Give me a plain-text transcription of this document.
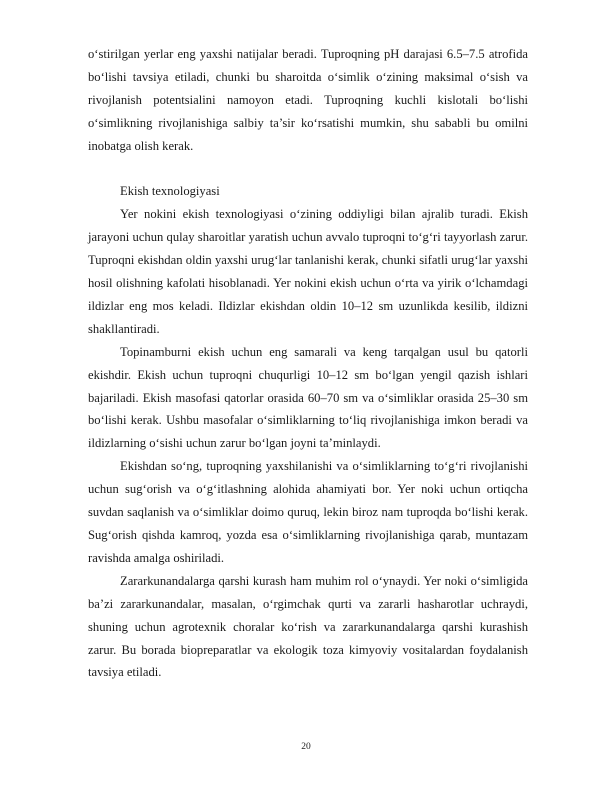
o‘stirilgan yerlar eng yaxshi natijalar beradi. Tuproqning pH darajasi 6.5–7.5 atrofida bo‘lishi tavsiya etiladi, chunki bu sharoitda o‘simlik o‘zining maksimal o‘sish va rivojlanish potentsialini namoyon etadi. Tuproqning kuchli kislotali bo‘lishi o‘simlikning rivojlanishiga salbiy ta’sir ko‘rsatishi mumkin, shu sababli bu omilni inobatga olish kerak.

Ekish texnologiyasi

Yer nokini ekish texnologiyasi o‘zining oddiyligi bilan ajralib turadi. Ekish jarayoni uchun qulay sharoitlar yaratish uchun avvalo tuproqni to‘g‘ri tayyorlash zarur. Tuproqni ekishdan oldin yaxshi urug‘lar tanlanishi kerak, chunki sifatli urug‘lar yaxshi hosil olishning kafolati hisoblanadi. Yer nokini ekish uchun o‘rta va yirik o‘lchamdagi ildizlar eng mos keladi. Ildizlar ekishdan oldin 10–12 sm uzunlikda kesilib, ildizni shakllantiradi.

Topinamburni ekish uchun eng samarali va keng tarqalgan usul bu qatorli ekishdir. Ekish uchun tuproqni chuqurligi 10–12 sm bo‘lgan yengil qazish ishlari bajariladi. Ekish masofasi qatorlar orasida 60–70 sm va o‘simliklar orasida 25–30 sm bo‘lishi kerak. Ushbu masofalar o‘simliklarning to‘liq rivojlanishiga imkon beradi va ildizlarning o‘sishi uchun zarur bo‘lgan joyni ta’minlaydi.

Ekishdan so‘ng, tuproqning yaxshilanishi va o‘simliklarning to‘g‘ri rivojlanishi uchun sug‘orish va o‘g‘itlashning alohida ahamiyati bor. Yer noki uchun ortiqcha suvdan saqlanish va o‘simliklar doimo quruq, lekin biroz nam tuproqda bo‘lishi kerak. Sug‘orish qishda kamroq, yozda esa o‘simliklarning rivojlanishiga qarab, muntazam ravishda amalga oshiriladi.

Zararkunandalarga qarshi kurash ham muhim rol o‘ynaydi. Yer noki o‘simligida ba’zi zararkunandalar, masalan, o‘rgimchak qurti va zararli hasharotlar uchraydi, shuning uchun agrotexnik choralar ko‘rish va zararkunandalarga qarshi kurashish zarur. Bu borada biopreparatlar va ekologik toza kimyoviy vositalardan foydalanish tavsiya etiladi.

20
